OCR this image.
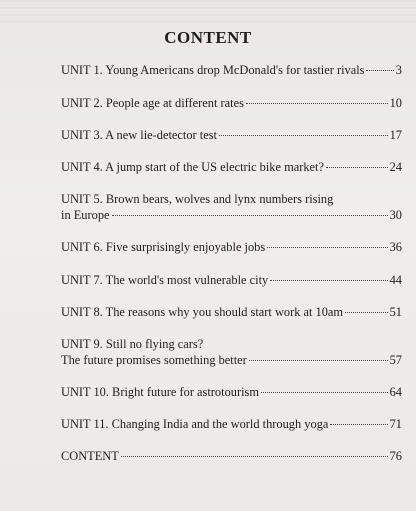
CONTENT
UNIT 1. Young Americans drop McDonald's for tastier rivals	3
UNIT 2. People age at different rates	10
UNIT 3. A new lie-detector test	17
UNIT 4. A jump start of the US electric bike market?	24
UNIT 5. Brown bears, wolves and lynx numbers rising
in Europe	30
UNIT 6. Five surprisingly enjoyable jobs	36
UNIT 7. The world's most vulnerable city	44
UNIT 8. The reasons why you should start work at 10am	51
UNIT 9. Still no flying cars?
The future promises something better	57
UNIT 10. Bright future for astrotourism	64
UNIT 11. Changing India and the world through yoga	71
CONTENT	76
